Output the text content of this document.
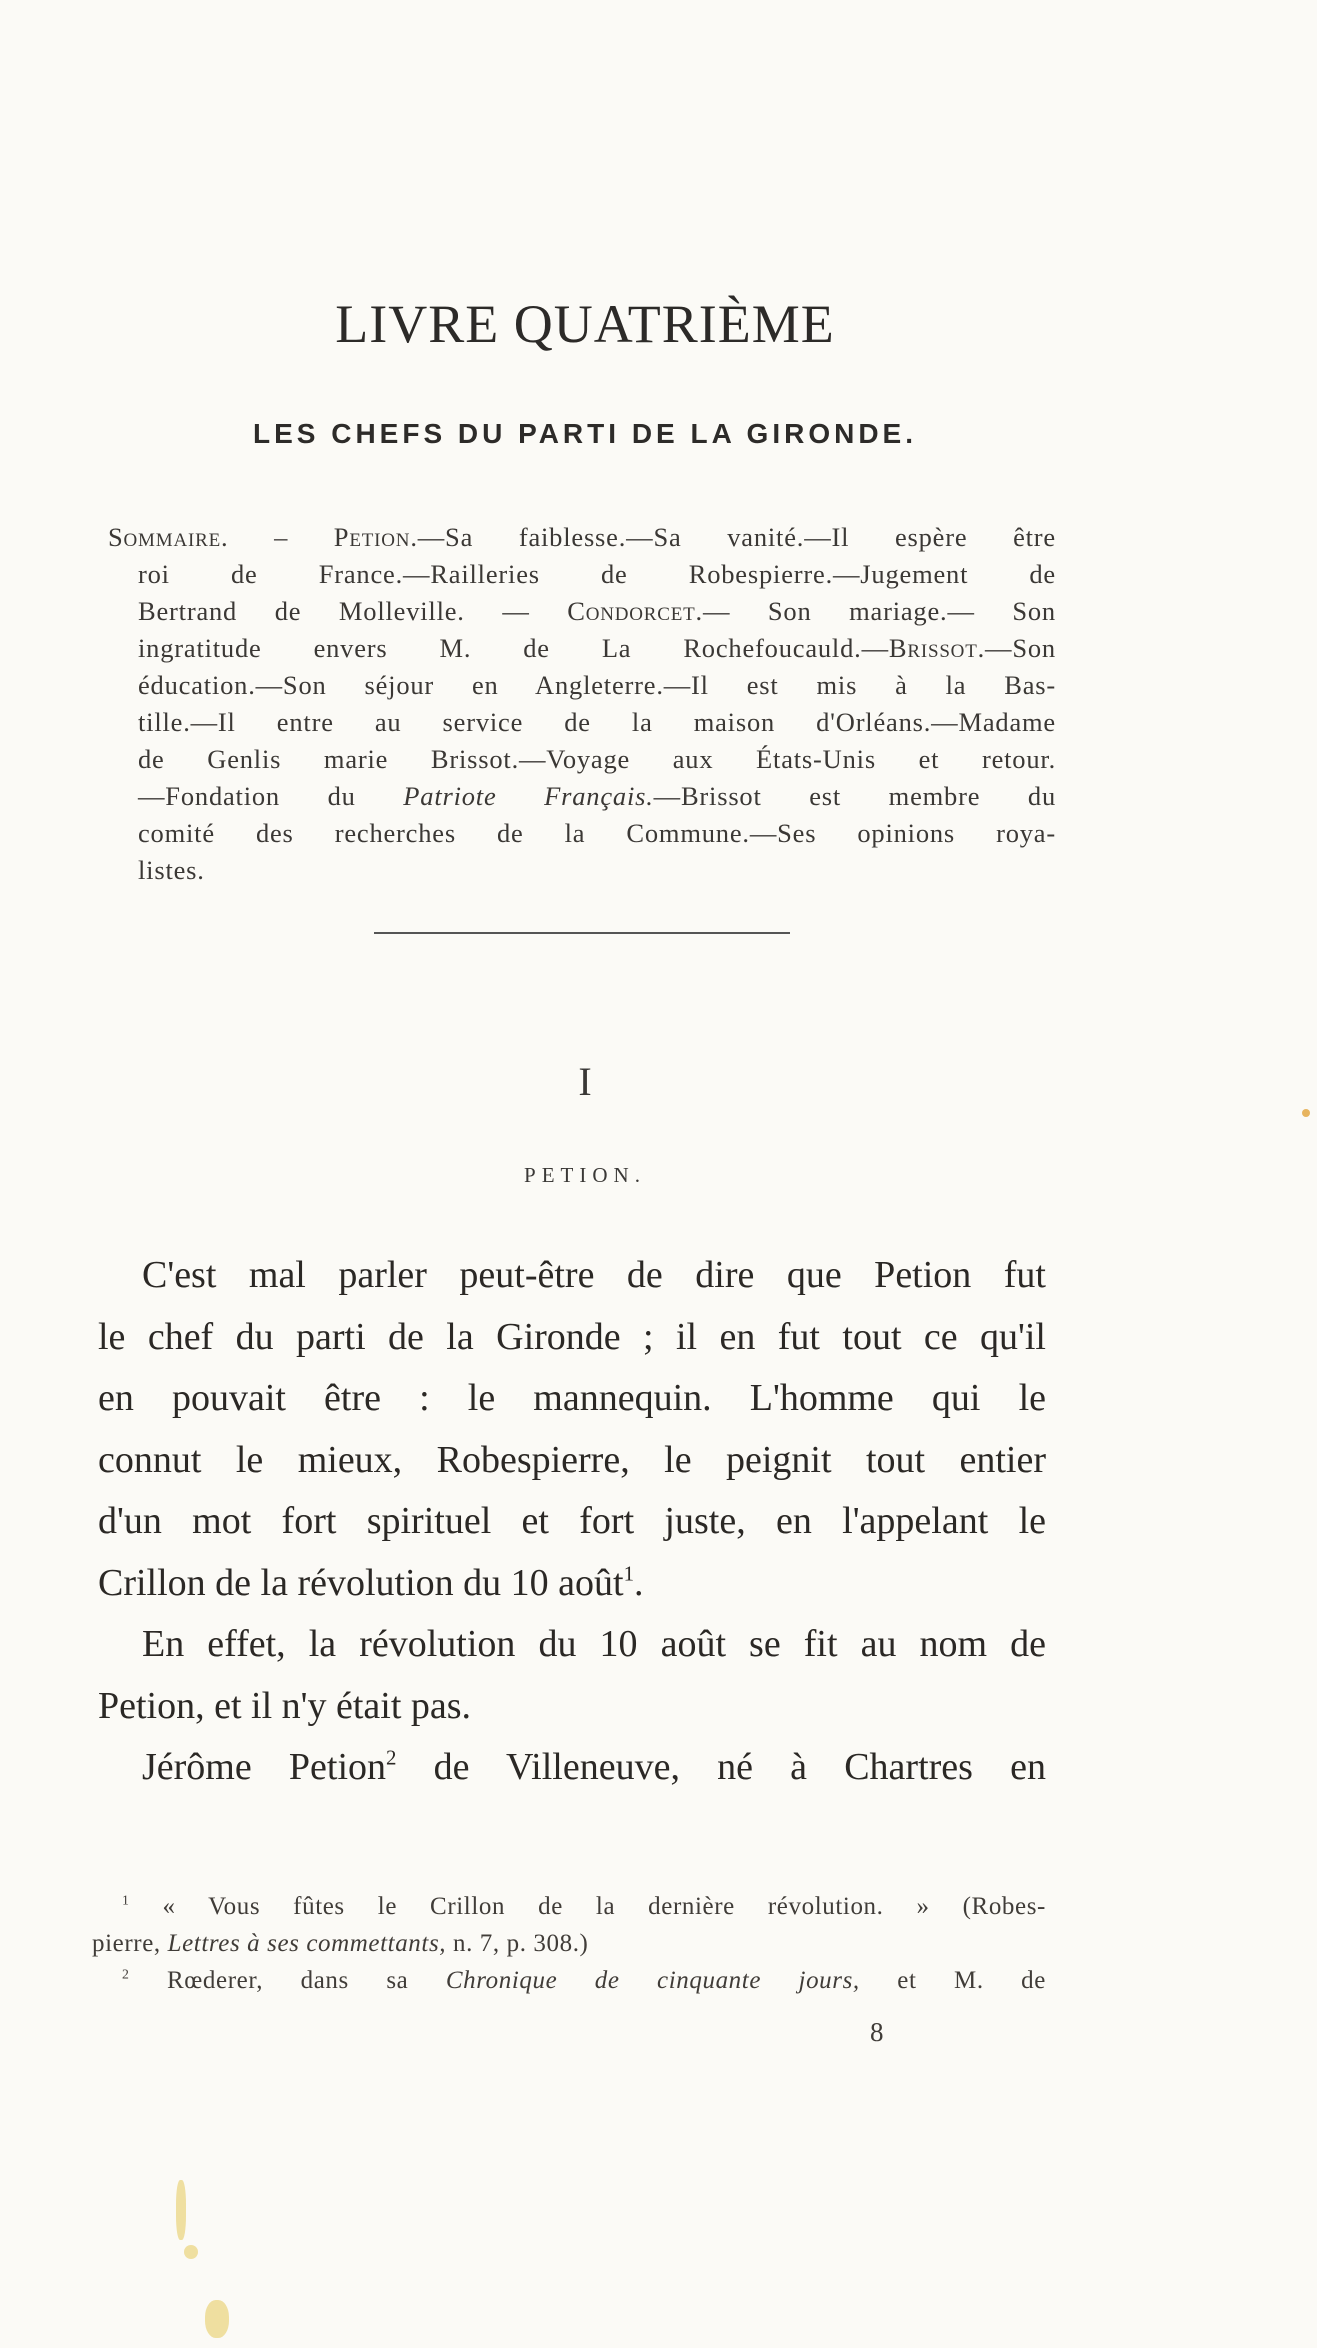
LIVRE QUATRIÈME
LES CHEFS DU PARTI DE LA GIRONDE.
Sommaire. – Petion.—Sa faiblesse.—Sa vanité.—Il espère être
roi de France.—Railleries de Robespierre.—Jugement de
Bertrand de Molleville. — Condorcet.— Son mariage.— Son
ingratitude envers M. de La Rochefoucauld.—Brissot.—Son
éducation.—Son séjour en Angleterre.—Il est mis à la Bas-
tille.—Il entre au service de la maison d'Orléans.—Madame
de Genlis marie Brissot.—Voyage aux États-Unis et retour.
—Fondation du Patriote Français.—Brissot est membre du
comité des recherches de la Commune.—Ses opinions roya-
listes.
I
PETION.
C'est mal parler peut-être de dire que Petion fut
le chef du parti de la Gironde ; il en fut tout ce qu'il
en pouvait être : le mannequin. L'homme qui le
connut le mieux, Robespierre, le peignit tout entier
d'un mot fort spirituel et fort juste, en l'appelant le
Crillon de la révolution du 10 août$^1$.
En effet, la révolution du 10 août se fit au nom de
Petion, et il n'y était pas.
Jérôme Petion$^2$ de Villeneuve, né à Chartres en
$^1$ « Vous fûtes le Crillon de la dernière révolution. » (Robes-
pierre, Lettres à ses commettants, n. 7, p. 308.)
$^2$ Rœderer, dans sa Chronique de cinquante jours, et M. de
8
